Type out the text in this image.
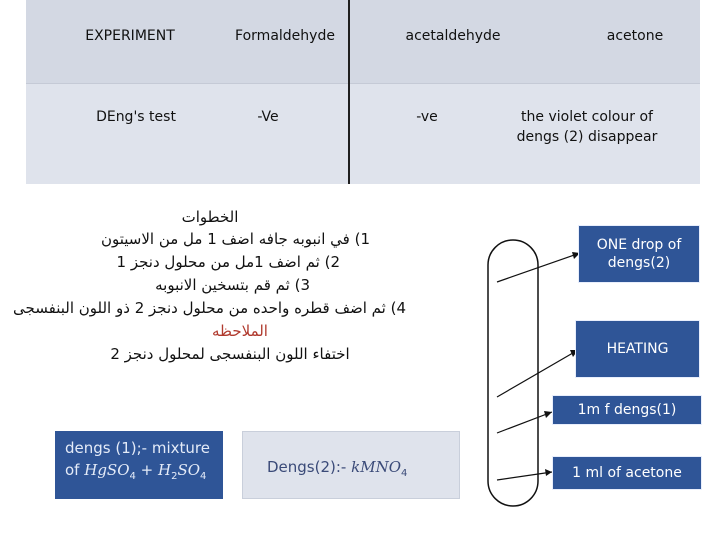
EXPERIMENT	Formaldehyde	acetaldehyde	acetone
DEng's test	-Ve	-ve	the violet colour of dengs (2) disappear
الخطوات
1) في انبوبه جافه اضف 1 مل من الاسيتون
2) ثم اضف 1مل من محلول دنجز 1
3) ثم قم بتسخين الانبوبه
4) ثم اضف قطره واحده من محلول دنجز 2 ذو اللون البنفسجى
الملاحظه
اختفاء اللون البنفسجى لمحلول دنجز 2
ONE drop of dengs(2)
HEATING
1m f dengs(1)
1 ml of acetone
dengs (1);- mixture
of HgSO$_4$ + $H_2SO_4$
Dengs(2):- kMNO$_4$
